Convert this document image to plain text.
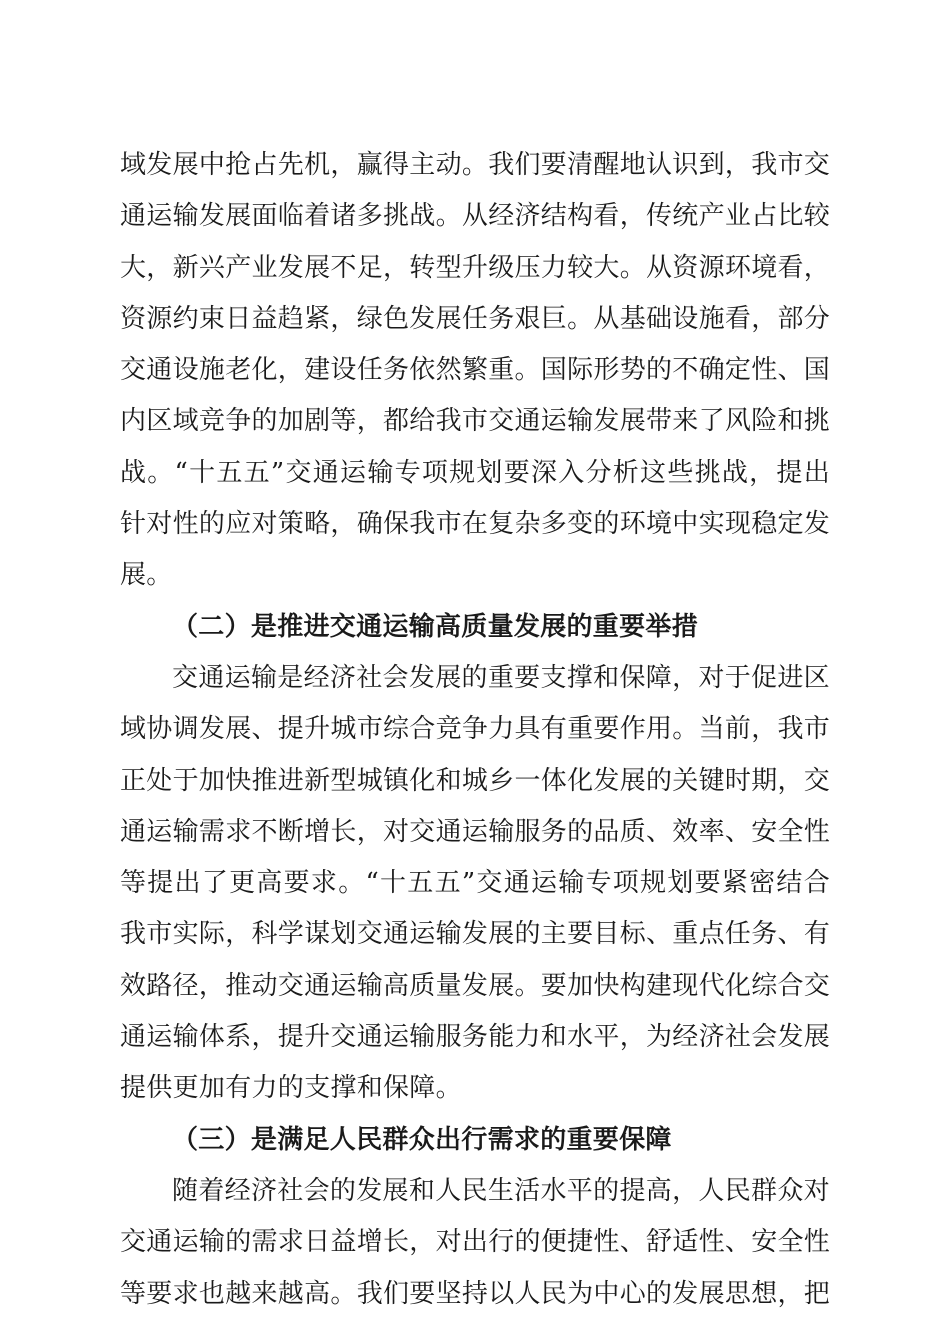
域发展中抢占先机，赢得主动。我们要清醒地认识到，我市交
通运输发展面临着诸多挑战。从经济结构看，传统产业占比较
大，新兴产业发展不足，转型升级压力较大。从资源环境看，
资源约束日益趋紧，绿色发展任务艰巨。从基础设施看，部分
交通设施老化，建设任务依然繁重。国际形势的不确定性、国
内区域竞争的加剧等，都给我市交通运输发展带来了风险和挑
战。“十五五”交通运输专项规划要深入分析这些挑战，提出
针对性的应对策略，确保我市在复杂多变的环境中实现稳定发
展。
（二）是推进交通运输高质量发展的重要举措
交通运输是经济社会发展的重要支撑和保障，对于促进区
域协调发展、提升城市综合竞争力具有重要作用。当前，我市
正处于加快推进新型城镇化和城乡一体化发展的关键时期，交
通运输需求不断增长，对交通运输服务的品质、效率、安全性
等提出了更高要求。“十五五”交通运输专项规划要紧密结合
我市实际，科学谋划交通运输发展的主要目标、重点任务、有
效路径，推动交通运输高质量发展。要加快构建现代化综合交
通运输体系，提升交通运输服务能力和水平，为经济社会发展
提供更加有力的支撑和保障。
（三）是满足人民群众出行需求的重要保障
随着经济社会的发展和人民生活水平的提高，人民群众对
交通运输的需求日益增长，对出行的便捷性、舒适性、安全性
等要求也越来越高。我们要坚持以人民为中心的发展思想，把
